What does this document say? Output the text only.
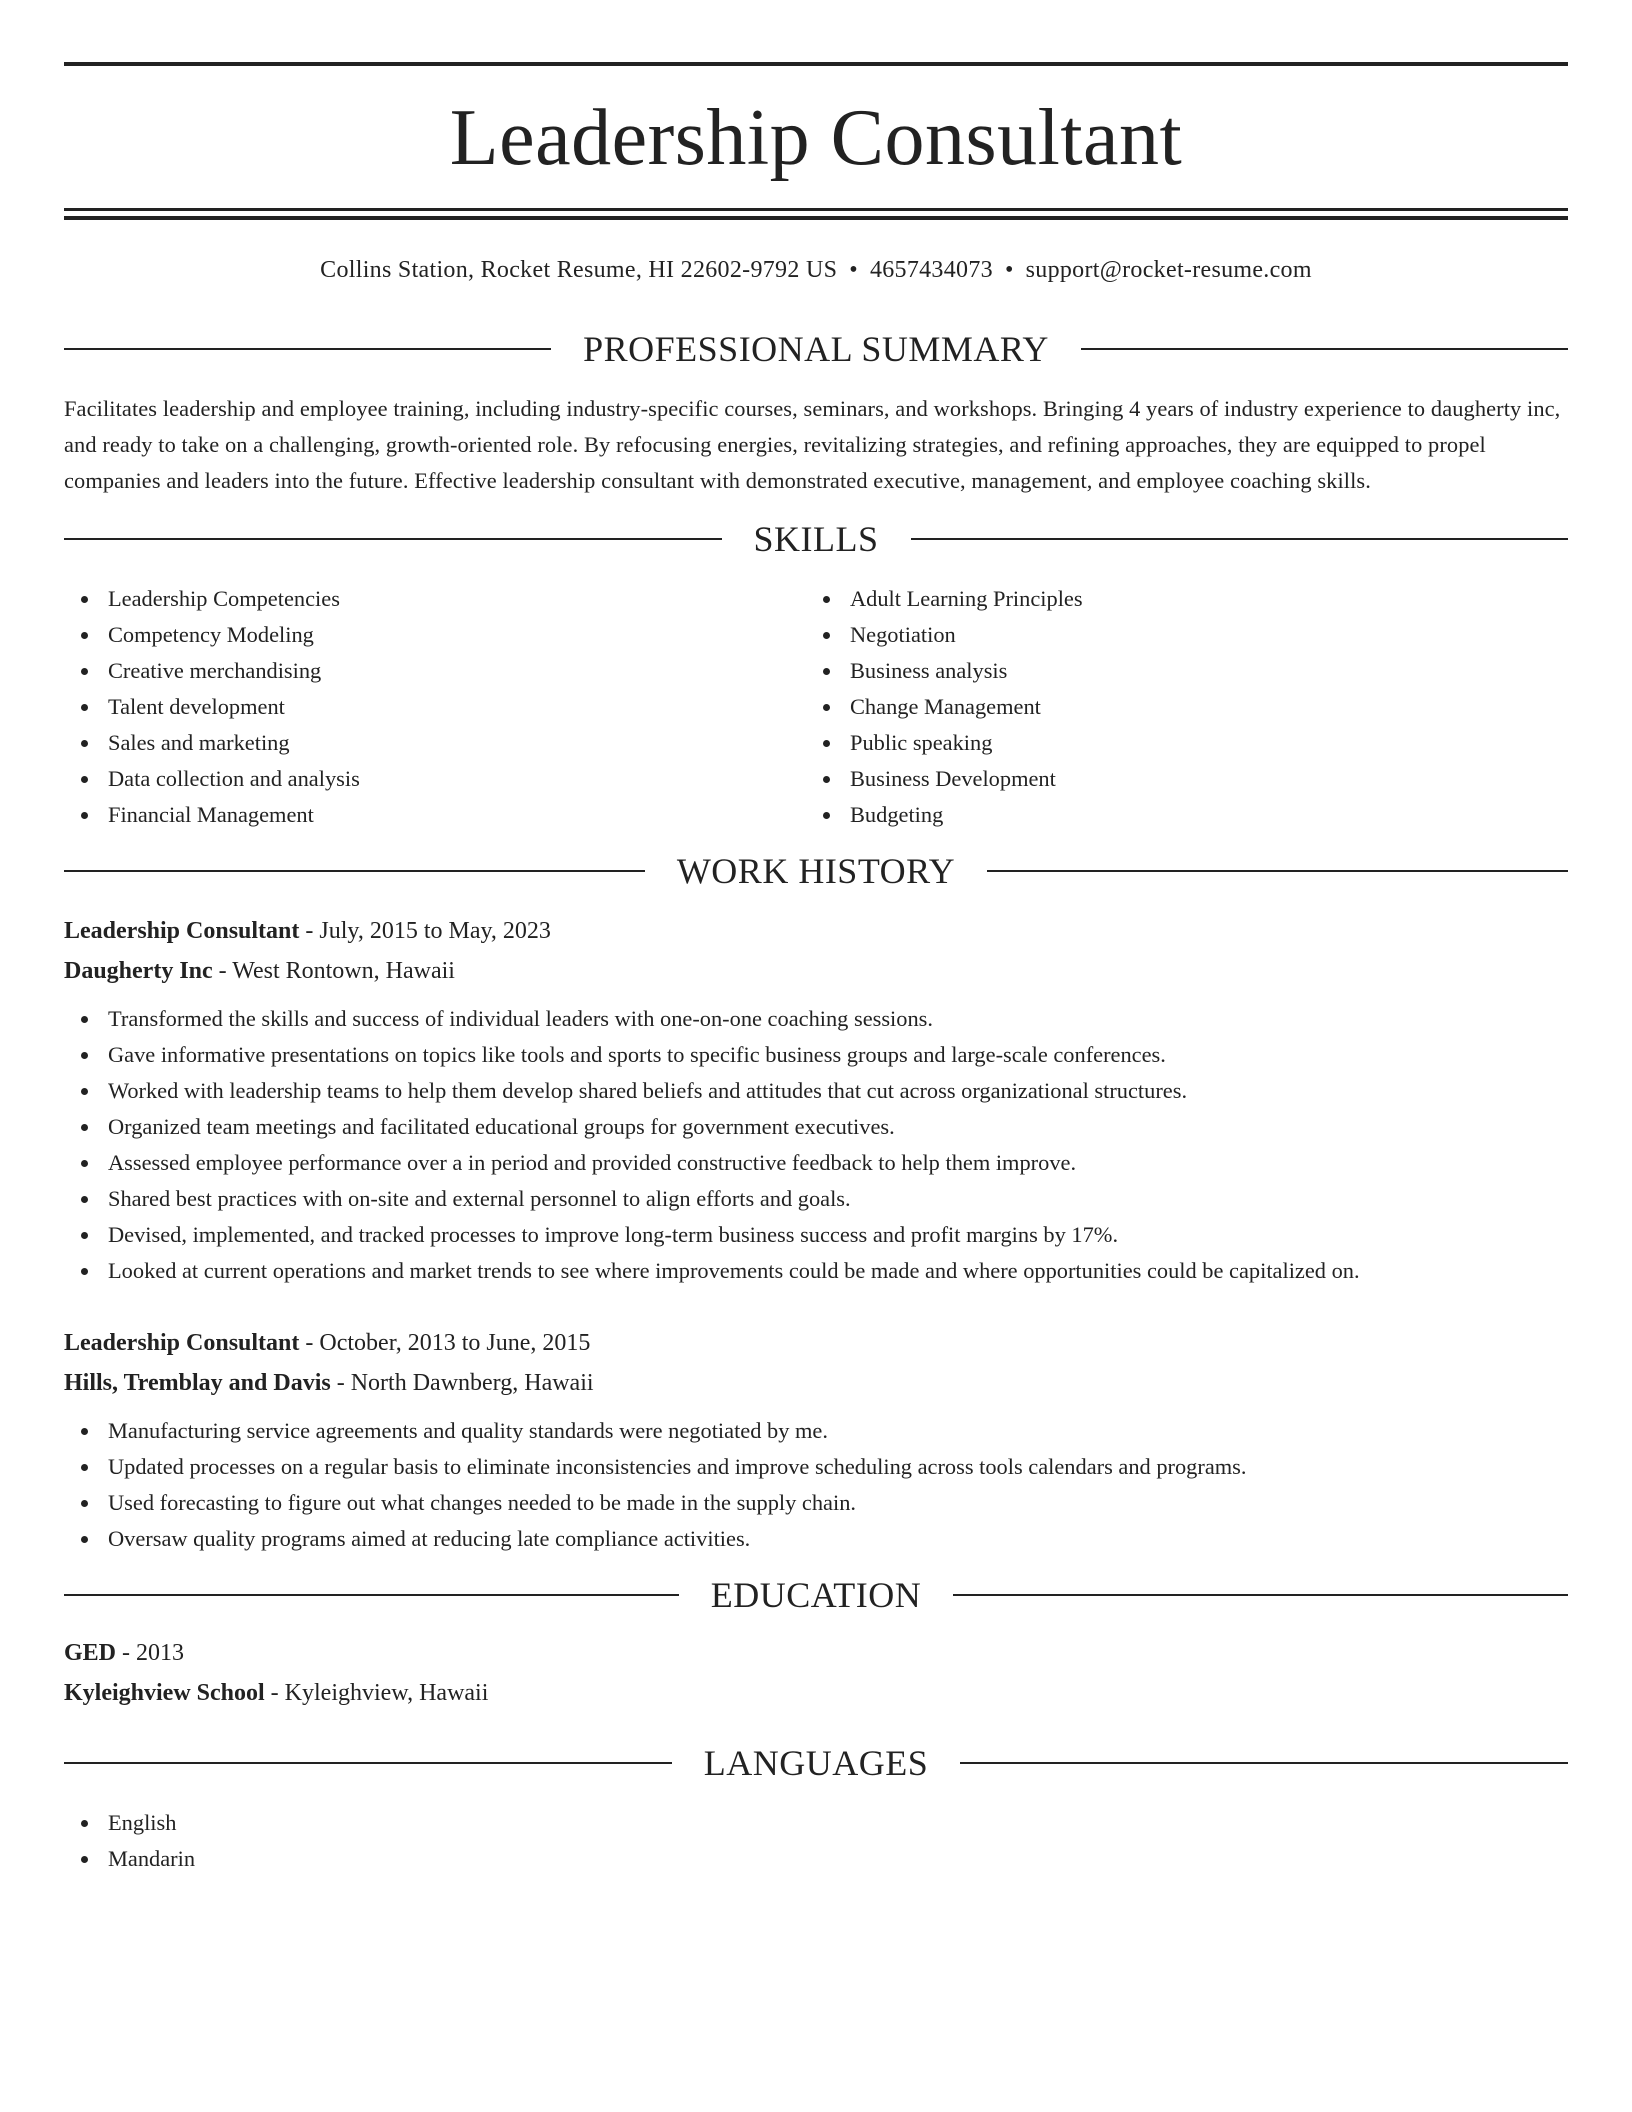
Leadership Consultant
Collins Station, Rocket Resume, HI 22602-9792 US • 4657434073 • support@rocket-resume.com
PROFESSIONAL SUMMARY

Facilitates leadership and employee training, including industry-specific courses, seminars, and workshops. Bringing 4 years of industry experience to daugherty inc, and ready to take on a challenging, growth-oriented role. By refocusing energies, revitalizing strategies, and refining approaches, they are equipped to propel companies and leaders into the future. Effective leadership consultant with demonstrated executive, management, and employee coaching skills.

SKILLS
Leadership Competencies
Competency Modeling
Creative merchandising
Talent development
Sales and marketing
Data collection and analysis
Financial Management
Adult Learning Principles
Negotiation
Business analysis
Change Management
Public speaking
Business Development
Budgeting
WORK HISTORY
Leadership Consultant - July, 2015 to May, 2023
Daugherty Inc - West Rontown, Hawaii
Transformed the skills and success of individual leaders with one-on-one coaching sessions.
Gave informative presentations on topics like tools and sports to specific business groups and large-scale conferences.
Worked with leadership teams to help them develop shared beliefs and attitudes that cut across organizational structures.
Organized team meetings and facilitated educational groups for government executives.
Assessed employee performance over a in period and provided constructive feedback to help them improve.
Shared best practices with on-site and external personnel to align efforts and goals.
Devised, implemented, and tracked processes to improve long-term business success and profit margins by 17%.
Looked at current operations and market trends to see where improvements could be made and where opportunities could be capitalized on.
Leadership Consultant - October, 2013 to June, 2015
Hills, Tremblay and Davis - North Dawnberg, Hawaii
Manufacturing service agreements and quality standards were negotiated by me.
Updated processes on a regular basis to eliminate inconsistencies and improve scheduling across tools calendars and programs.
Used forecasting to figure out what changes needed to be made in the supply chain.
Oversaw quality programs aimed at reducing late compliance activities.
EDUCATION
GED - 2013
Kyleighview School - Kyleighview, Hawaii
LANGUAGES
English
Mandarin
